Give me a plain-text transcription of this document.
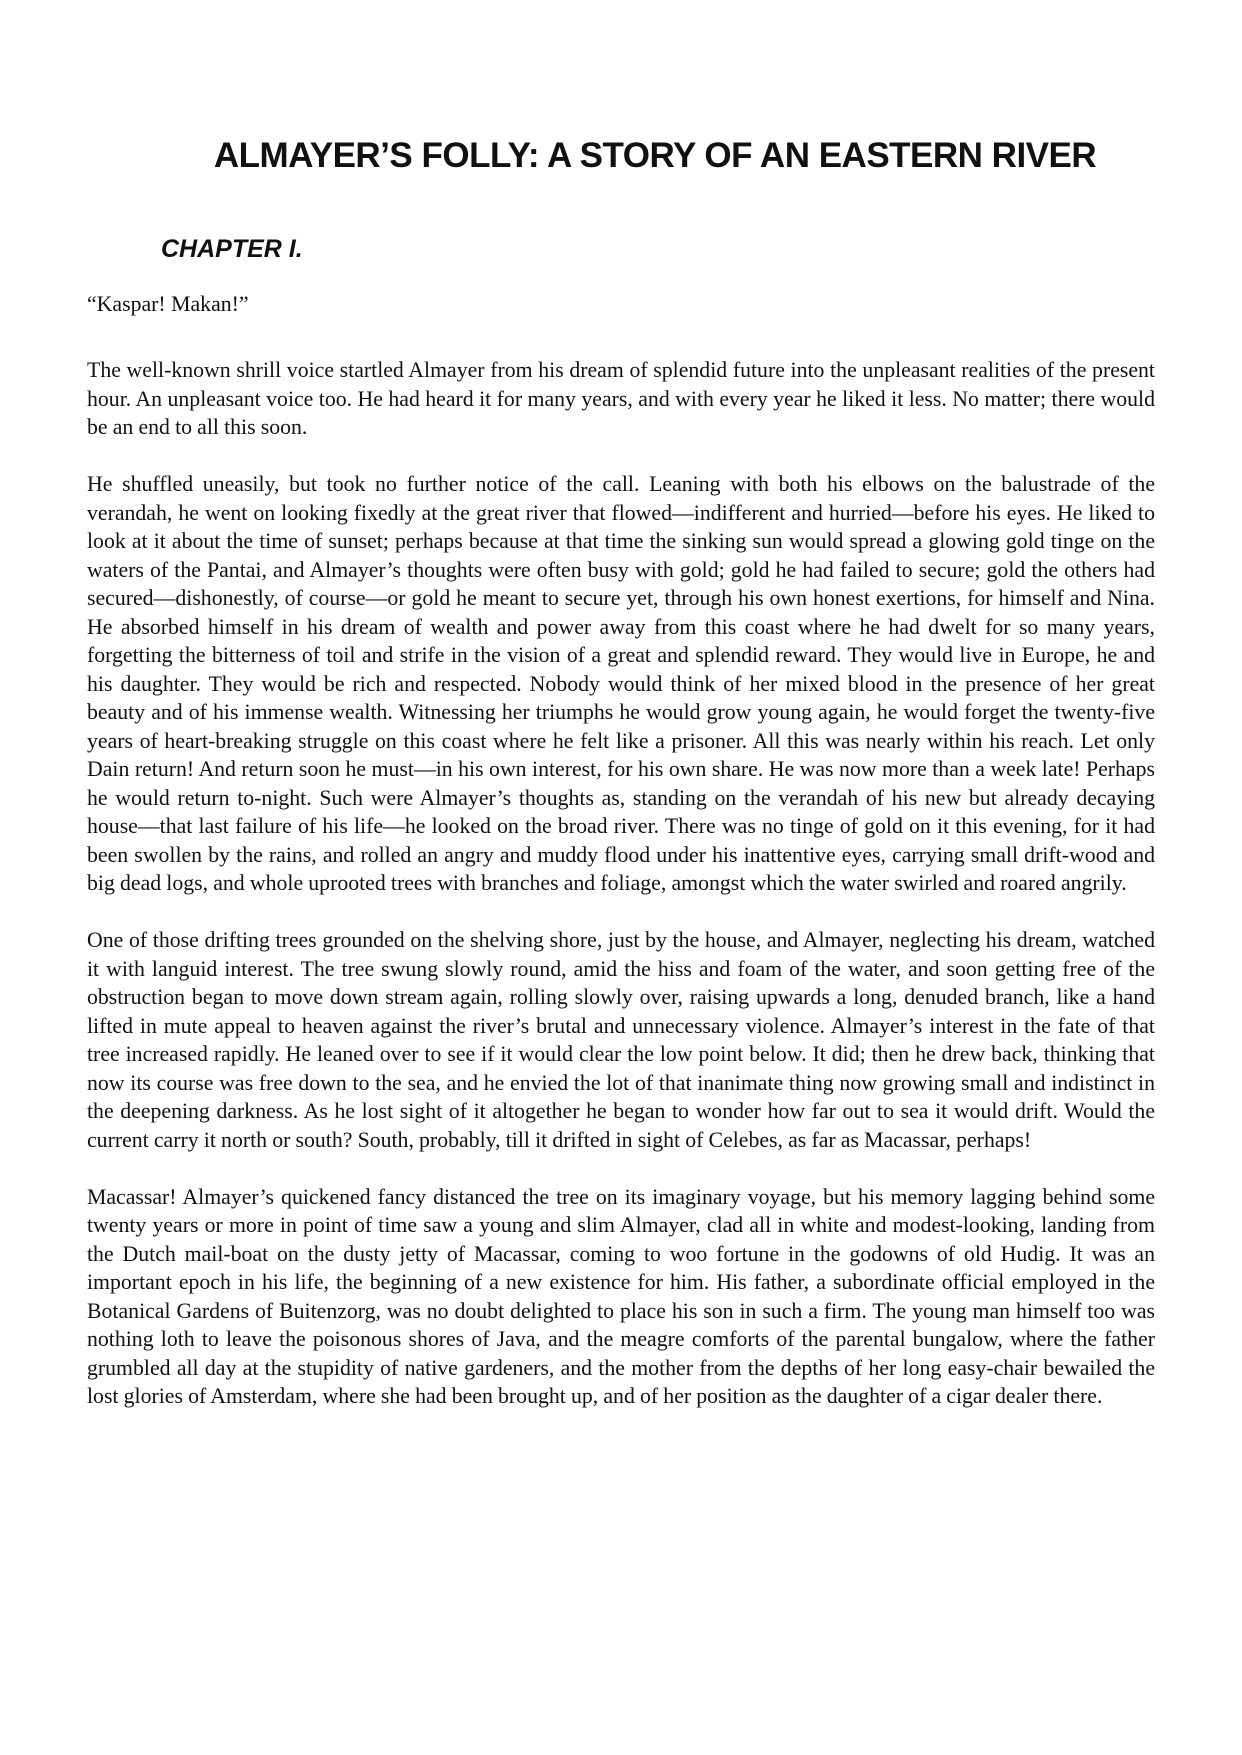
ALMAYER’S FOLLY: A STORY OF AN EASTERN RIVER
CHAPTER I.

“Kaspar! Makan!”

The well-known shrill voice startled Almayer from his dream of splendid future into the unpleasant realities of the present hour. An unpleasant voice too. He had heard it for many years, and with every year he liked it less. No matter; there would be an end to all this soon.

He shuffled uneasily, but took no further notice of the call. Leaning with both his elbows on the balustrade of the verandah, he went on looking fixedly at the great river that flowed—indifferent and hurried—before his eyes. He liked to look at it about the time of sunset; perhaps because at that time the sinking sun would spread a glowing gold tinge on the waters of the Pantai, and Almayer’s thoughts were often busy with gold; gold he had failed to secure; gold the others had secured—dishonestly, of course—or gold he meant to secure yet, through his own honest exertions, for himself and Nina. He absorbed himself in his dream of wealth and power away from this coast where he had dwelt for so many years, forgetting the bitterness of toil and strife in the vision of a great and splendid reward. They would live in Europe, he and his daughter. They would be rich and respected. Nobody would think of her mixed blood in the presence of her great beauty and of his immense wealth. Witnessing her triumphs he would grow young again, he would forget the twenty-five years of heart-breaking struggle on this coast where he felt like a prisoner. All this was nearly within his reach. Let only Dain return! And return soon he must—in his own interest, for his own share. He was now more than a week late! Perhaps he would return to-night. Such were Almayer’s thoughts as, standing on the verandah of his new but already decaying house—that last failure of his life—he looked on the broad river. There was no tinge of gold on it this evening, for it had been swollen by the rains, and rolled an angry and muddy flood under his inattentive eyes, carrying small drift-wood and big dead logs, and whole uprooted trees with branches and foliage, amongst which the water swirled and roared angrily.

One of those drifting trees grounded on the shelving shore, just by the house, and Almayer, neglecting his dream, watched it with languid interest. The tree swung slowly round, amid the hiss and foam of the water, and soon getting free of the obstruction began to move down stream again, rolling slowly over, raising upwards a long, denuded branch, like a hand lifted in mute appeal to heaven against the river’s brutal and unnecessary violence. Almayer’s interest in the fate of that tree increased rapidly. He leaned over to see if it would clear the low point below. It did; then he drew back, thinking that now its course was free down to the sea, and he envied the lot of that inanimate thing now growing small and indistinct in the deepening darkness. As he lost sight of it altogether he began to wonder how far out to sea it would drift. Would the current carry it north or south? South, probably, till it drifted in sight of Celebes, as far as Macassar, perhaps!

Macassar! Almayer’s quickened fancy distanced the tree on its imaginary voyage, but his memory lagging behind some twenty years or more in point of time saw a young and slim Almayer, clad all in white and modest-looking, landing from the Dutch mail-boat on the dusty jetty of Macassar, coming to woo fortune in the godowns of old Hudig. It was an important epoch in his life, the beginning of a new existence for him. His father, a subordinate official employed in the Botanical Gardens of Buitenzorg, was no doubt delighted to place his son in such a firm. The young man himself too was nothing loth to leave the poisonous shores of Java, and the meagre comforts of the parental bungalow, where the father grumbled all day at the stupidity of native gardeners, and the mother from the depths of her long easy-chair bewailed the lost glories of Amsterdam, where she had been brought up, and of her position as the daughter of a cigar dealer there.
